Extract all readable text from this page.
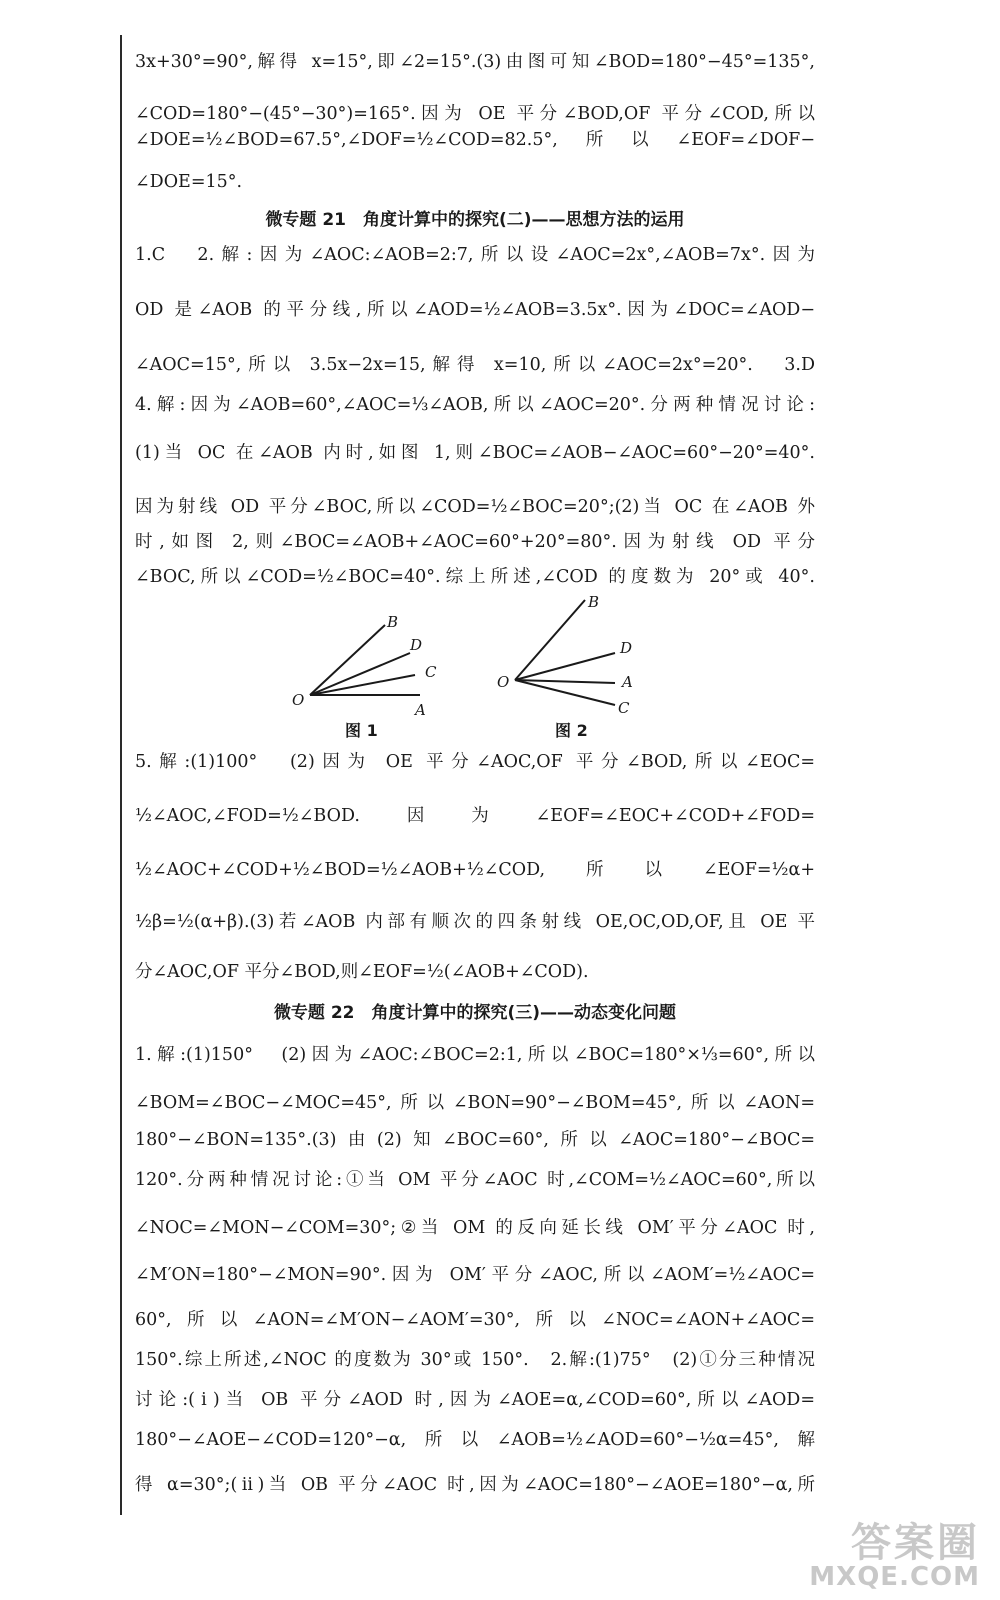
3x+30°=90°,解得 x=15°,即∠2=15°.(3)由图可知∠BOD=180°−45°=135°,
∠COD=180°−(45°−30°)=165°.因为 OE 平分∠BOD,OF 平分∠COD,所以
∠DOE=½∠BOD=67.5°,∠DOF=½∠COD=82.5°,所以∠EOF=∠DOF−
∠DOE=15°.
微专题 21　角度计算中的探究(二)——思想方法的运用
1.C　2.解:因为∠AOC:∠AOB=2:7,所以设∠AOC=2x°,∠AOB=7x°.因为
OD 是∠AOB 的平分线,所以∠AOD=½∠AOB=3.5x°.因为∠DOC=∠AOD−
∠AOC=15°,所以 3.5x−2x=15,解得 x=10,所以∠AOC=2x°=20°.　3.D
4.解:因为∠AOB=60°,∠AOC=⅓∠AOB,所以∠AOC=20°.分两种情况讨论:
(1)当 OC 在∠AOB 内时,如图 1,则∠BOC=∠AOB−∠AOC=60°−20°=40°.
因为射线 OD 平分∠BOC,所以∠COD=½∠BOC=20°;(2)当 OC 在∠AOB 外
时,如图 2,则∠BOC=∠AOB+∠AOC=60°+20°=80°.因为射线 OD 平分
∠BOC,所以∠COD=½∠BOC=40°.综上所述,∠COD 的度数为 20°或 40°.
B
D
C
A
O
B
D
A
C
O
图 1	图 2
5.解:(1)100°　(2)因为 OE 平分∠AOC,OF 平分∠BOD,所以∠EOC=
½∠AOC,∠FOD=½∠BOD.因为∠EOF=∠EOC+∠COD+∠FOD=
½∠AOC+∠COD+½∠BOD=½∠AOB+½∠COD,所以∠EOF=½α+
½β=½(α+β).(3)若∠AOB 内部有顺次的四条射线 OE,OC,OD,OF,且 OE 平
分∠AOC,OF 平分∠BOD,则∠EOF=½(∠AOB+∠COD).
微专题 22　角度计算中的探究(三)——动态变化问题
1.解:(1)150°　(2)因为∠AOC:∠BOC=2:1,所以∠BOC=180°×⅓=60°,所以
∠BOM=∠BOC−∠MOC=45°,所以∠BON=90°−∠BOM=45°,所以∠AON=
180°−∠BON=135°.(3)由(2)知∠BOC=60°,所以∠AOC=180°−∠BOC=
120°.分两种情况讨论:①当 OM 平分∠AOC 时,∠COM=½∠AOC=60°,所以
∠NOC=∠MON−∠COM=30°;②当 OM 的反向延长线 OM′平分∠AOC 时,
∠M′ON=180°−∠MON=90°.因为 OM′平分∠AOC,所以∠AOM′=½∠AOC=
60°,所以∠AON=∠M′ON−∠AOM′=30°,所以∠NOC=∠AON+∠AOC=
150°.综上所述,∠NOC 的度数为 30°或 150°.　2.解:(1)75°　(2)①分三种情况
讨论:(ⅰ)当 OB 平分∠AOD 时,因为∠AOE=α,∠COD=60°,所以∠AOD=
180°−∠AOE−∠COD=120°−α,所以∠AOB=½∠AOD=60°−½α=45°,解
得 α=30°;(ⅱ)当 OB 平分∠AOC 时,因为∠AOC=180°−∠AOE=180°−α,所
答案圈
MXQE.COM
